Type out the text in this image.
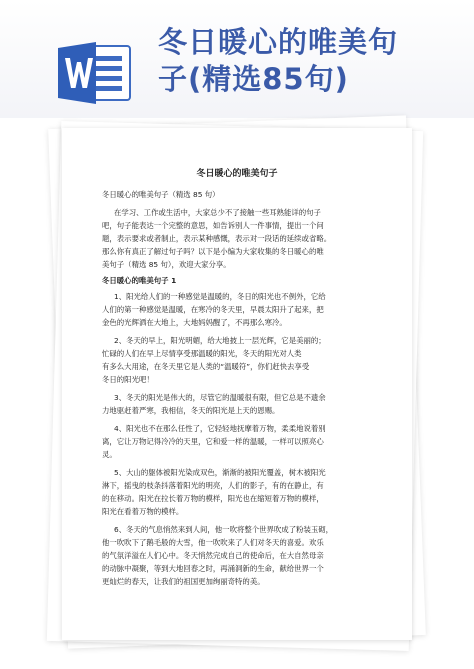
冬日暖心的唯美句
子(精选85句)
冬日暖心的唯美句子
冬日暖心的唯美句子（精选 85 句）
在学习、工作或生活中，大家总少不了接触一些耳熟能详的句子
吧，句子能表达一个完整的意思，如告诉别人一件事情，提出一个问
题，表示要求或者制止，表示某种感慨，表示对一段话的延续或省略。
那么你有真正了解过句子吗？以下是小编为大家收集的冬日暖心的唯
美句子（精选 85 句），欢迎大家分享。
冬日暖心的唯美句子 1
1、阳光给人们的一种感觉是温暖的，冬日的阳光也不例外，它给
人们的第一种感觉是温暖，在寒冷的冬天里，早晨太阳升了起来，把
金色的光辉洒在大地上，大地妈妈醒了，不再那么寒冷。
2、冬天的早上，阳光明媚，给大地披上一层光辉，它是美丽的；
忙碌的人们在早上尽情享受那温暖的阳光，冬天的阳光对人类
有多么大用途，在冬天里它是人类的“温暖符”，你们赶快去享受
冬日的阳光吧！
3、冬天的阳光是伟大的，尽管它的温暖很有限，但它总是不遗余
力地驱赶着严寒，我相信，冬天的阳光是上天的恩赐。
4、阳光也不在那么任性了，它轻轻地抚摩着万物，柔柔地说着别
离，它让万物记得冷冷的天里，它和爱一样的温暖，一样可以照亮心
灵。
5、大山的躯体被阳光染成双色，渐渐的被阳光覆盖，树木被阳光
淋下，摇曳的枝条抖落着阳光的明亮，人们的影子，有的在静止，有
的在移动。阳光在拉长着万物的模样，阳光也在缩短着万物的模样，
阳光在看着万物的模样。
6、冬天的气息悄然来到人间，他一吹将整个世界吹成了粉装玉砌，
他一吹吹下了鹅毛般的大雪，他一吹吹来了人们对冬天的喜爱。欢乐
的气氛洋溢在人们心中。冬天悄然完成自己的使命后，在大自然母亲
的动脉中凝聚，等到大地回春之时，再涌洞新的生命，献给世界一个
更灿烂的春天，让我们的祖国更加绚丽奇特的美。
